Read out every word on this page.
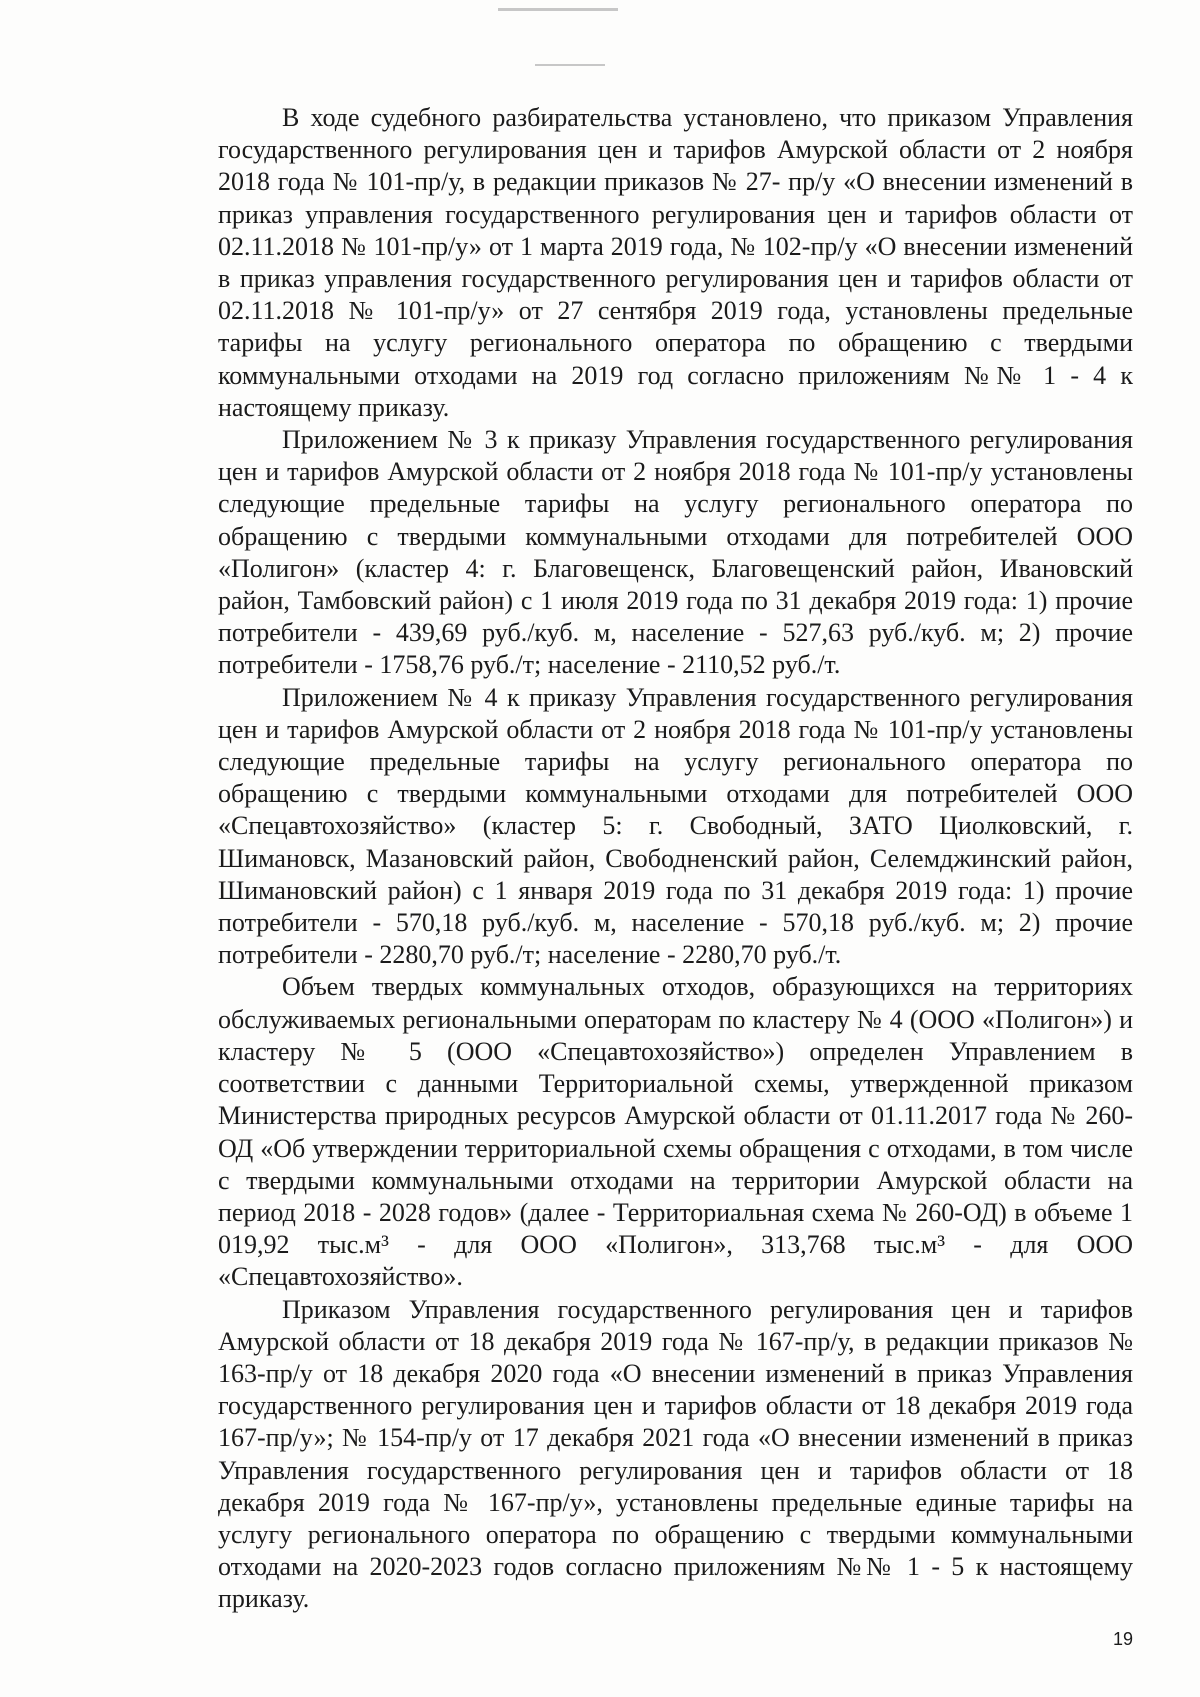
В ходе судебного разбирательства установлено, что приказом Управления государственного регулирования цен и тарифов Амурской области от 2 ноября 2018 года № 101-пр/у, в редакции приказов № 27- пр/у «О внесении изменений в приказ управления государственного регулирования цен и тарифов области от 02.11.2018 № 101-пр/у» от 1 марта 2019 года, № 102-пр/у «О внесении изменений в приказ управления государственного регулирования цен и тарифов области от 02.11.2018 № 101-пр/у» от 27 сентября 2019 года, установлены предельные тарифы на услугу регионального оператора по обращению с твердыми коммунальными отходами на 2019 год согласно приложениям №№ 1 - 4 к настоящему приказу.

Приложением № 3 к приказу Управления государственного регулирования цен и тарифов Амурской области от 2 ноября 2018 года № 101-пр/у установлены следующие предельные тарифы на услугу регионального оператора по обращению с твердыми коммунальными отходами для потребителей ООО «Полигон» (кластер 4: г. Благовещенск, Благовещенский район, Ивановский район, Тамбовский район) с 1 июля 2019 года по 31 декабря 2019 года: 1) прочие потребители - 439,69 руб./куб. м, население - 527,63 руб./куб. м; 2) прочие потребители - 1758,76 руб./т; население - 2110,52 руб./т.

Приложением № 4 к приказу Управления государственного регулирования цен и тарифов Амурской области от 2 ноября 2018 года № 101-пр/у установлены следующие предельные тарифы на услугу регионального оператора по обращению с твердыми коммунальными отходами для потребителей ООО «Спецавтохозяйство» (кластер 5: г. Свободный, ЗАТО Циолковский, г. Шимановск, Мазановский район, Свободненский район, Селемджинский район, Шимановский район) с 1 января 2019 года по 31 декабря 2019 года: 1) прочие потребители - 570,18 руб./куб. м, население - 570,18 руб./куб. м; 2) прочие потребители - 2280,70 руб./т; население - 2280,70 руб./т.

Объем твердых коммунальных отходов, образующихся на территориях обслуживаемых региональными операторам по кластеру № 4 (ООО «Полигон») и кластеру № 5 (ООО «Спецавтохозяйство») определен Управлением в соответствии с данными Территориальной схемы, утвержденной приказом Министерства природных ресурсов Амурской области от 01.11.2017 года № 260-ОД «Об утверждении территориальной схемы обращения с отходами, в том числе с твердыми коммунальными отходами на территории Амурской области на период 2018 - 2028 годов» (далее - Территориальная схема № 260-ОД) в объеме 1 019,92 тыс.м³ - для ООО «Полигон», 313,768 тыс.м³ - для ООО «Спецавтохозяйство».

Приказом Управления государственного регулирования цен и тарифов Амурской области от 18 декабря 2019 года № 167-пр/у, в редакции приказов № 163-пр/у от 18 декабря 2020 года «О внесении изменений в приказ Управления государственного регулирования цен и тарифов области от 18 декабря 2019 года 167-пр/у»; № 154-пр/у от 17 декабря 2021 года «О внесении изменений в приказ Управления государственного регулирования цен и тарифов области от 18 декабря 2019 года № 167-пр/у», установлены предельные единые тарифы на услугу регионального оператора по обращению с твердыми коммунальными отходами на 2020-2023 годов согласно приложениям №№ 1 - 5 к настоящему приказу.

19
